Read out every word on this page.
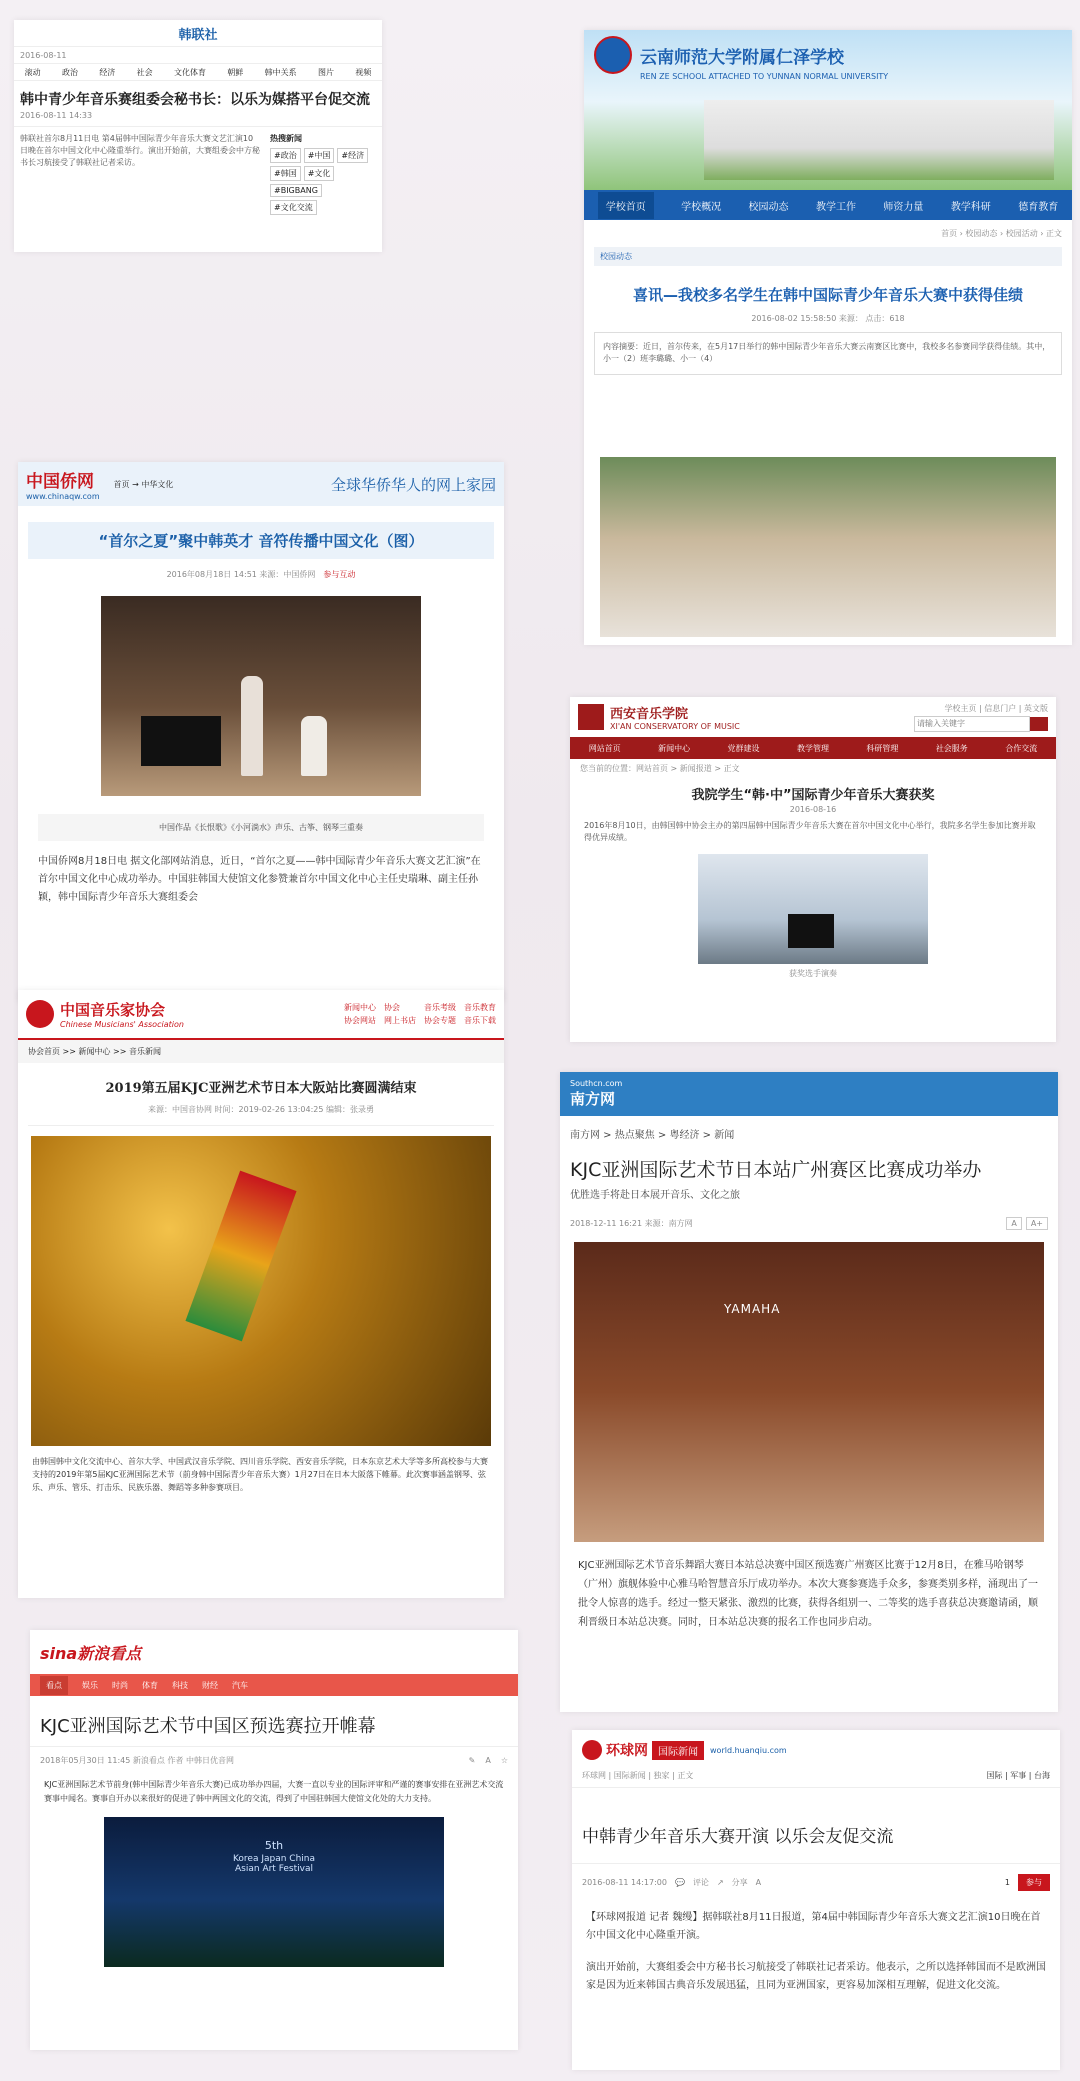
韩联社
2016-08-11
滚动	政治	经济	社会	文化体育	朝鲜	韩中关系	图片	视频
韩中青少年音乐赛组委会秘书长：以乐为媒搭平台促交流
2016-08-11 14:33
韩联社首尔8月11日电 第4届韩中国际青少年音乐大赛文艺汇演10日晚在首尔中国文化中心隆重举行。演出开始前，大赛组委会中方秘书长习航接受了韩联社记者采访。
热搜新闻
#政治	#中国	#经济
#韩国	#文化
#BIGBANG
#文化交流
云南师范大学附属仁泽学校
REN ZE SCHOOL ATTACHED TO YUNNAN NORMAL UNIVERSITY
学校首页	学校概况	校园动态	教学工作	师资力量	教学科研	德育教育
首页 › 校园动态 › 校园活动 › 正文
校园动态
喜讯—我校多名学生在韩中国际青少年音乐大赛中获得佳绩
2016-08-02 15:58:50 来源： 点击：618
内容摘要：近日，首尔传来，在5月17日举行的韩中国际青少年音乐大赛云南赛区比赛中，我校多名参赛同学获得佳绩。其中，小一（2）班李璐璐、小一（4）
中国侨网
www.chinaqw.com
首页 → 中华文化	全球华侨华人的网上家园
“首尔之夏”聚中韩英才 音符传播中国文化（图）
2016年08月18日 14:51 来源：中国侨网 参与互动
中国作品《长恨歌》《小河淌水》声乐、古筝、钢琴三重奏
中国侨网8月18日电 据文化部网站消息，近日，“首尔之夏——韩中国际青少年音乐大赛文艺汇演”在首尔中国文化中心成功举办。中国驻韩国大使馆文化参赞兼首尔中国文化中心主任史瑞琳、副主任孙颖，韩中国际青少年音乐大赛组委会
西安音乐学院
XI'AN CONSERVATORY OF MUSIC
学校主页 | 信息门户 | 英文版
请输入关键字
网站首页	新闻中心	党群建设	教学管理	科研管理	社会服务	合作交流
您当前的位置：网站首页 > 新闻报道 > 正文
我院学生“韩·中”国际青少年音乐大赛获奖
2016-08-16
2016年8月10日，由韩国韩中协会主办的第四届韩中国际青少年音乐大赛在首尔中国文化中心举行，我院多名学生参加比赛并取得优异成绩。
获奖选手演奏
中国音乐家协会
Chinese Musicians' Association
新闻中心 协会	音乐考级 音乐教育
协会网站 网上书店 协会专题 音乐下载
协会首页 >> 新闻中心 >> 音乐新闻
2019第五届KJC亚洲艺术节日本大阪站比赛圆满结束
来源：中国音协网 时间：2019-02-26 13:04:25 编辑：张录勇
由韩国韩中文化交流中心、首尔大学、中国武汉音乐学院、四川音乐学院、西安音乐学院，日本东京艺术大学等多所高校参与大赛支持的2019年第5届KJC亚洲国际艺术节（前身韩中国际青少年音乐大赛）1月27日在日本大阪落下帷幕。此次赛事涵盖钢琴、弦乐、声乐、管乐、打击乐、民族乐器、舞蹈等多种参赛项目。
Southcn.com
南方网
南方网 > 热点聚焦 > 粤经济 > 新闻
KJC亚洲国际艺术节日本站广州赛区比赛成功举办
优胜选手将赴日本展开音乐、文化之旅
2018-12-11 16:21 来源：南方网	A	A+
YAMAHA
KJC亚洲国际艺术节音乐舞蹈大赛日本站总决赛中国区预选赛广州赛区比赛于12月8日，在雅马哈钢琴（广州）旗舰体验中心雅马哈智慧音乐厅成功举办。本次大赛参赛选手众多，参赛类别多样，涌现出了一批令人惊喜的选手。经过一整天紧张、激烈的比赛，获得各组别一、二等奖的选手喜获总决赛邀请函，顺利晋级日本站总决赛。同时，日本站总决赛的报名工作也同步启动。
sina新浪看点
看点	娱乐 时尚 体育 科技 财经 汽车
KJC亚洲国际艺术节中国区预选赛拉开帷幕
2018年05月30日 11:45 新浪看点 作者 中韩日优音网	✎ A ☆
KJC亚洲国际艺术节前身(韩中国际青少年音乐大赛)已成功举办四届，大赛一直以专业的国际评审和严谨的赛事安排在亚洲艺术交流赛事中闻名。赛事自开办以来很好的促进了韩中两国文化的交流，得到了中国驻韩国大使馆文化处的大力支持。
5th
Korea Japan China Asian Art Festival
环球网	国际新闻	world.huanqiu.com
环球网 | 国际新闻 | 独家 | 正文	国际 | 军事 | 台海
中韩青少年音乐大赛开演 以乐会友促交流
2016-08-11 14:17:00 💬 评论 ↗ 分享 A	1	参与
【环球网报道 记者 魏缦】据韩联社8月11日报道，第4届中韩国际青少年音乐大赛文艺汇演10日晚在首尔中国文化中心隆重开演。
演出开始前，大赛组委会中方秘书长习航接受了韩联社记者采访。他表示，之所以选择韩国而不是欧洲国家是因为近来韩国古典音乐发展迅猛，且同为亚洲国家，更容易加深相互理解，促进文化交流。
